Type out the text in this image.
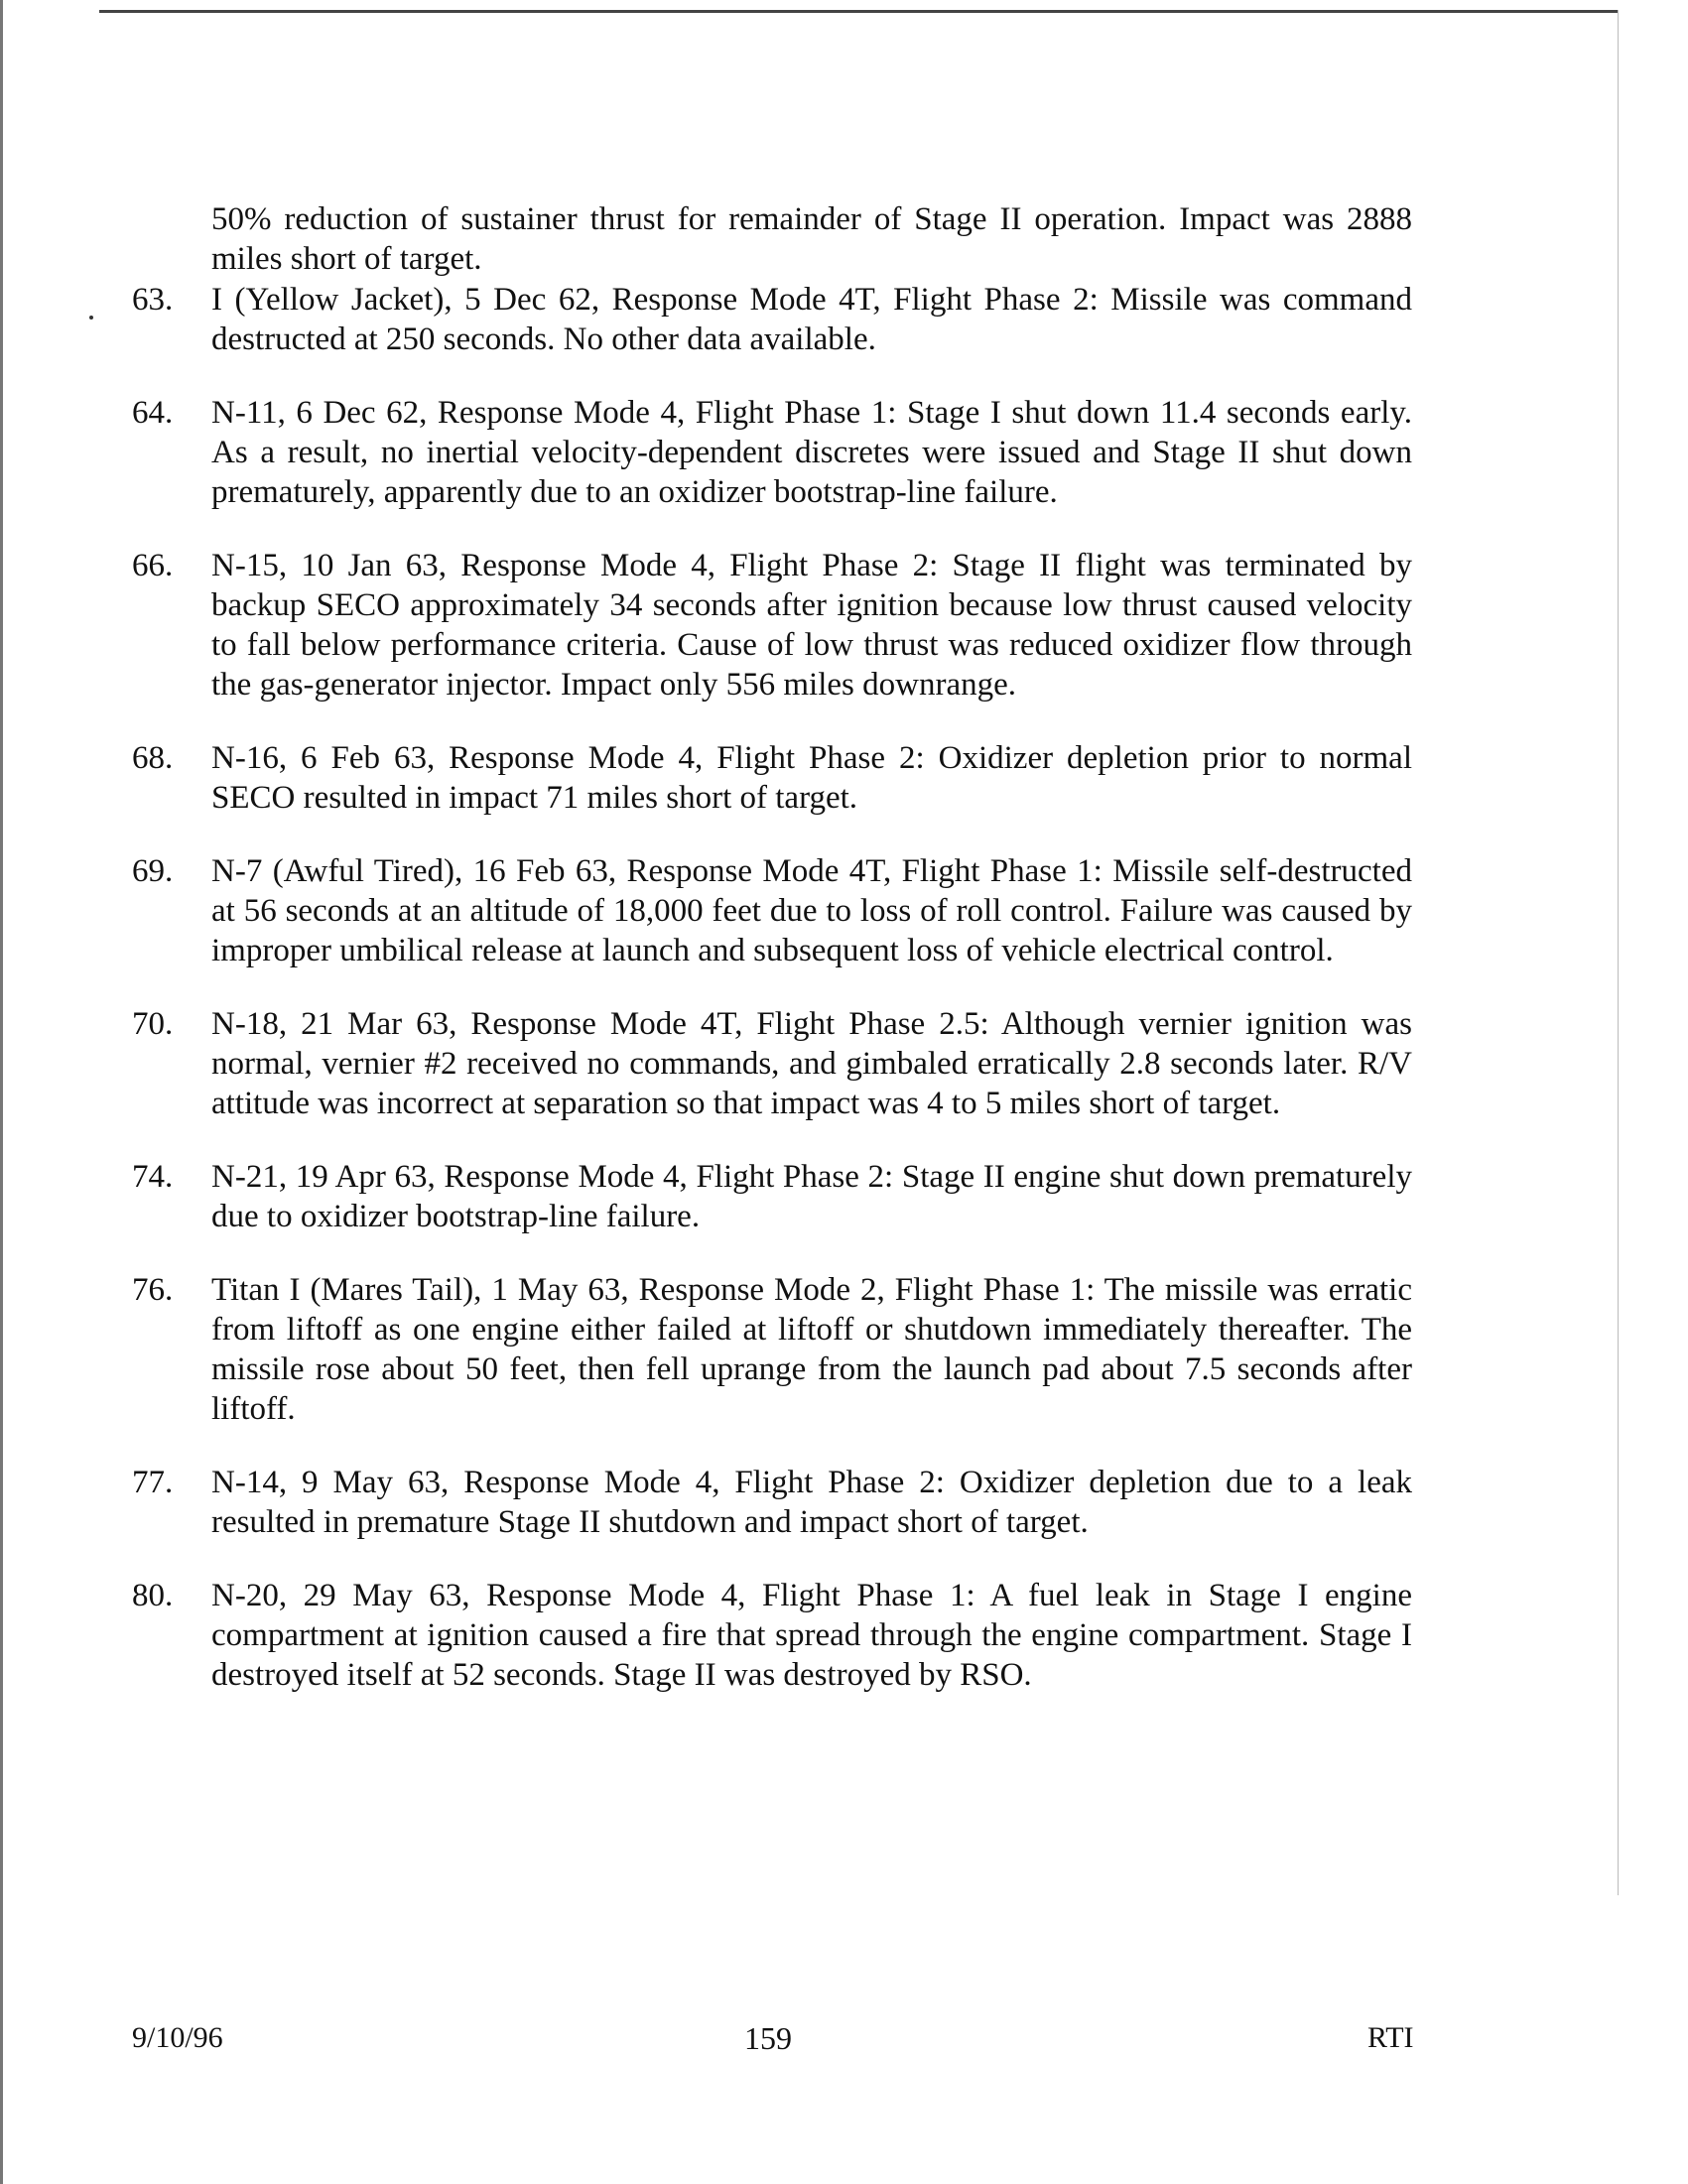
50% reduction of sustainer thrust for remainder of Stage II operation. Impact was 2888 miles short of target.

63.	I (Yellow Jacket), 5 Dec 62, Response Mode 4T, Flight Phase 2: Missile was command destructed at 250 seconds. No other data available.
64.	N-11, 6 Dec 62, Response Mode 4, Flight Phase 1: Stage I shut down 11.4 seconds early. As a result, no inertial velocity-dependent discretes were issued and Stage II shut down prematurely, apparently due to an oxidizer bootstrap-line failure.
66.	N-15, 10 Jan 63, Response Mode 4, Flight Phase 2: Stage II flight was terminated by backup SECO approximately 34 seconds after ignition because low thrust caused velocity to fall below performance criteria. Cause of low thrust was reduced oxidizer flow through the gas-generator injector. Impact only 556 miles downrange.
68.	N-16, 6 Feb 63, Response Mode 4, Flight Phase 2: Oxidizer depletion prior to normal SECO resulted in impact 71 miles short of target.
69.	N-7 (Awful Tired), 16 Feb 63, Response Mode 4T, Flight Phase 1: Missile self-destructed at 56 seconds at an altitude of 18,000 feet due to loss of roll control. Failure was caused by improper umbilical release at launch and subsequent loss of vehicle electrical control.
70.	N-18, 21 Mar 63, Response Mode 4T, Flight Phase 2.5: Although vernier ignition was normal, vernier #2 received no commands, and gimbaled erratically 2.8 seconds later. R/V attitude was incorrect at separation so that impact was 4 to 5 miles short of target.
74.	N-21, 19 Apr 63, Response Mode 4, Flight Phase 2: Stage II engine shut down prematurely due to oxidizer bootstrap-line failure.
76.	Titan I (Mares Tail), 1 May 63, Response Mode 2, Flight Phase 1: The missile was erratic from liftoff as one engine either failed at liftoff or shutdown immediately thereafter. The missile rose about 50 feet, then fell uprange from the launch pad about 7.5 seconds after liftoff.
77.	N-14, 9 May 63, Response Mode 4, Flight Phase 2: Oxidizer depletion due to a leak resulted in premature Stage II shutdown and impact short of target.
80.	N-20, 29 May 63, Response Mode 4, Flight Phase 1: A fuel leak in Stage I engine compartment at ignition caused a fire that spread through the engine compartment. Stage I destroyed itself at 52 seconds. Stage II was destroyed by RSO.
9/10/96	159	RTI
